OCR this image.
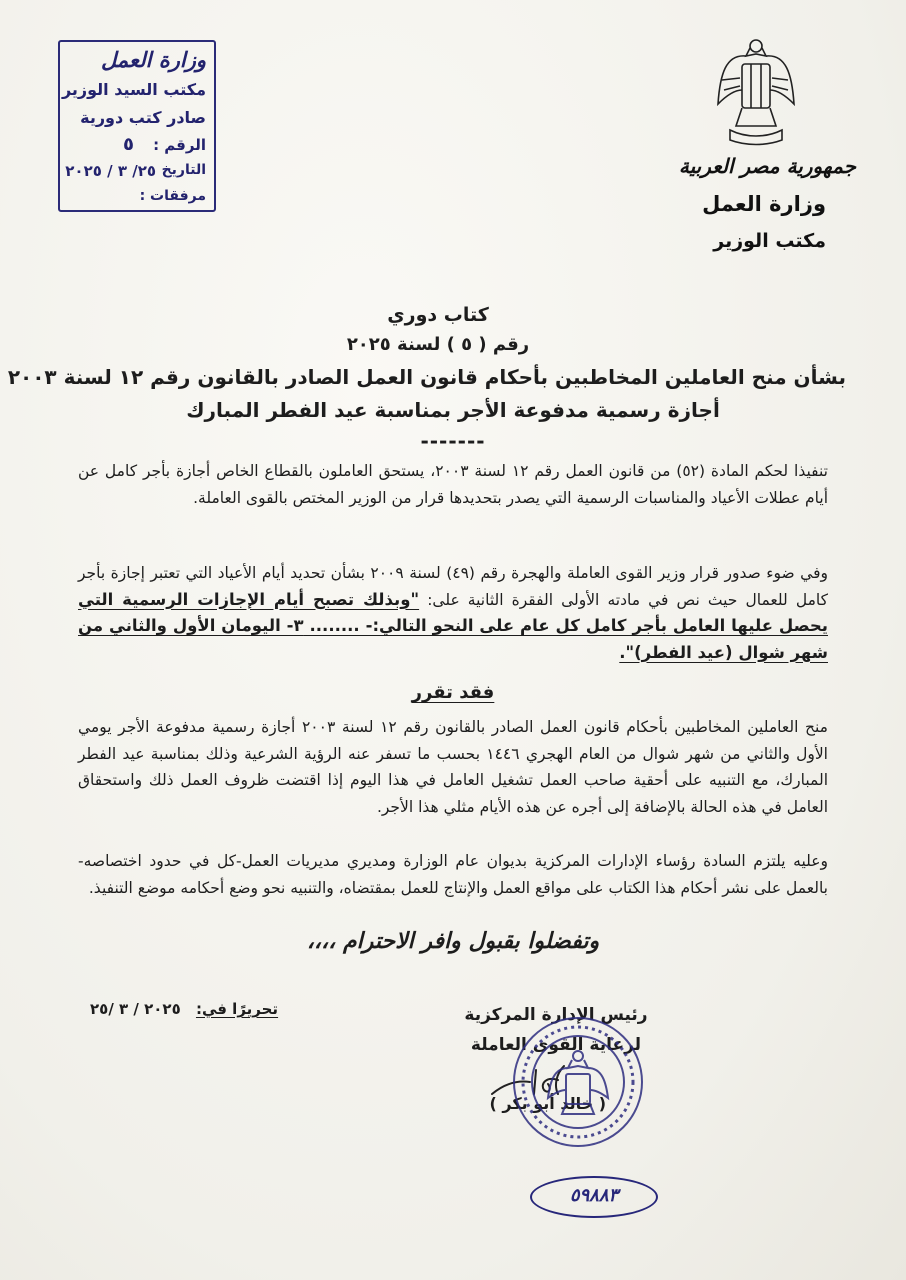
جمهورية مصر العربية
وزارة العمل
مكتب الوزير
وزارة العمل
مكتب السيد الوزير
صادر كتب دورية
الرقم :
٥
التاريخ
٢٥/ ٣ / ٢٠٢٥
مرفقات :
كتاب دوري
رقم ( ٥ ) لسنة ٢٠٢٥
بشأن منح العاملين المخاطبين بأحكام قانون العمل الصادر بالقانون رقم ١٢ لسنة ٢٠٠٣
أجازة رسمية مدفوعة الأجر بمناسبة عيد الفطر المبارك
-------
تنفيذا لحكم المادة (٥٢) من قانون العمل رقم ١٢ لسنة ٢٠٠٣، يستحق العاملون بالقطاع الخاص أجازة بأجر كامل عن أيام عطلات الأعياد والمناسبات الرسمية التي يصدر بتحديدها قرار من الوزير المختص بالقوى العاملة.
وفي ضوء صدور قرار وزير القوى العاملة والهجرة رقم (٤٩) لسنة ٢٠٠٩ بشأن تحديد أيام الأعياد التي تعتبر إجازة بأجر كامل للعمال حيث نص في مادته الأولى الفقرة الثانية على: "وبذلك تصبح أيام الإجازات الرسمية التي يحصل عليها العامل بأجر كامل كل عام على النحو التالي:- ........ ٣- اليومان الأول والثاني من شهر شوال (عيد الفطر)".
فقد تقرر
منح العاملين المخاطبين بأحكام قانون العمل الصادر بالقانون رقم ١٢ لسنة ٢٠٠٣ أجازة رسمية مدفوعة الأجر يومي الأول والثاني من شهر شوال من العام الهجري ١٤٤٦ بحسب ما تسفر عنه الرؤية الشرعية وذلك بمناسبة عيد الفطر المبارك، مع التنبيه على أحقية صاحب العمل تشغيل العامل في هذا اليوم إذا اقتضت ظروف العمل ذلك واستحقاق العامل في هذه الحالة بالإضافة إلى أجره عن هذه الأيام مثلي هذا الأجر.
وعليه يلتزم السادة رؤساء الإدارات المركزية بديوان عام الوزارة ومديري مديريات العمل-كل في حدود اختصاصه-بالعمل على نشر أحكام هذا الكتاب على مواقع العمل والإنتاج للعمل بمقتضاه، والتنبيه نحو وضع أحكامه موضع التنفيذ.
وتفضلوا بقبول وافر الاحترام ،،،،
تحريرًا في: ٢٠٢٥ / ٣ /٢٥	رئيس الإدارة المركزية
لرعاية القوى العاملة
( خالد أبو بكر )
٥٩٨٨٣
